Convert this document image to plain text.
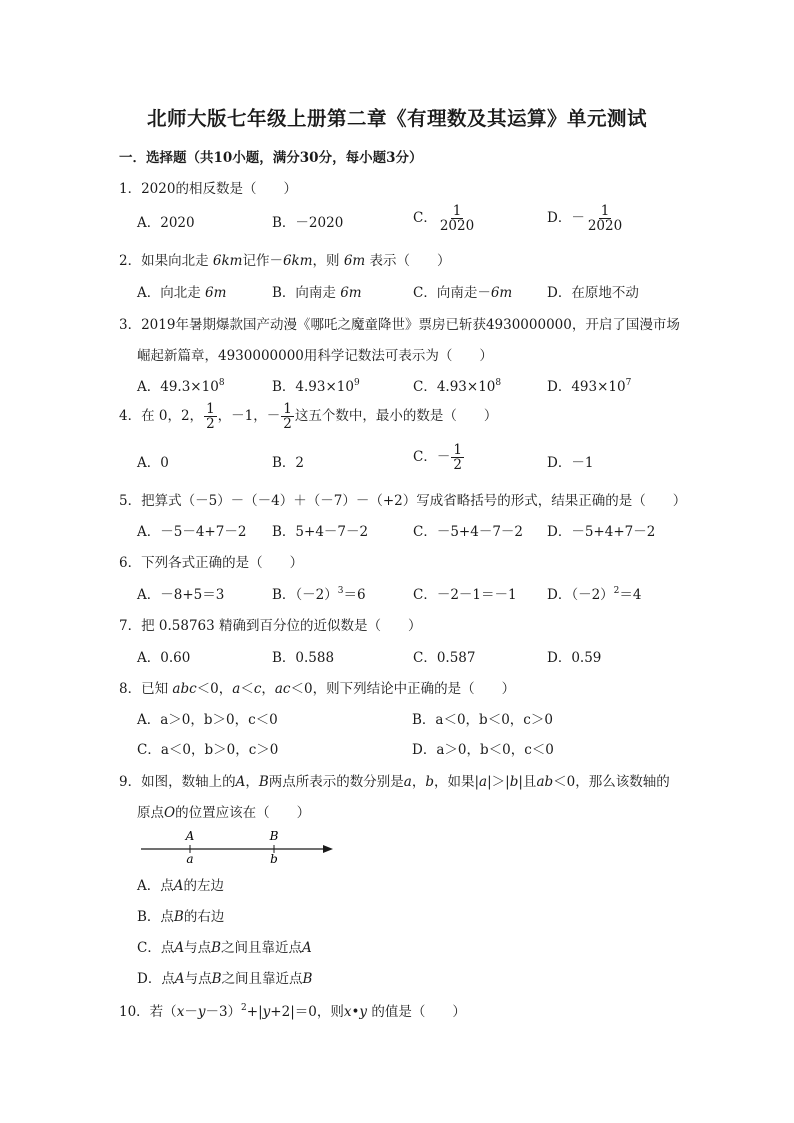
北师大版七年级上册第二章《有理数及其运算》单元测试
一．选择题（共10小题，满分30分，每小题3分）
1．2020的相反数是（　　）
A．2020	B．－2020	C． $\frac{1}{2020}$	D．－ $\frac{1}{2020}$
2．如果向北走 6km记作－6km，则 6m 表示（　　）
A．向北走 6m	B．向南走 6m	C．向南走－6m	D．在原地不动
3．2019年暑期爆款国产动漫《哪吒之魔童降世》票房已斩获4930000000，开启了国漫市场
崛起新篇章，4930000000用科学记数法可表示为（　　）
A．$49.3\times 10^8$	B．$4.93\times 10^9$	C．$4.93\times 10^8$	D．$493\times 10^7$
4．在 0，2， $\frac{1}{2}$ ，－1，－ $\frac{1}{2}$ 这五个数中，最小的数是（　　）
A．0	B．2	C．－ $\frac{1}{2}$	D．－1
5．把算式（－5）－（－4）＋（－7）－（+2）写成省略括号的形式，结果正确的是（　　）
A．－5－4+7－2 B．5+4－7－2	C．－5+4－7－2 D．－5+4+7－2
6．下列各式正确的是（　　）
A．－8+5＝3	B．$(-2)^3=6$	C．－2－1＝－1 D．$(-2)^2=4$
7．把 0.58763 精确到百分位的近似数是（　　）
A．0.60	B．0.588	C．0.587	D．0.59
8．已知 abc＜0，a＜c，ac＜0，则下列结论中正确的是（　　）
A．a＞0，b＞0，c＜0	B．a＜0，b＜0，c＞0
C．a＜0，b＞0，c＞0	D．a＞0，b＜0，c＜0
9．如图，数轴上的A，B两点所表示的数分别是a，b，如果|a|＞|b|且ab＜0，那么该数轴的
原点O的位置应该在（　　）
A	B
a	b
A．点A的左边
B．点B的右边
C．点A与点B之间且靠近点A
D．点A与点B之间且靠近点B
10．若$(x-y-3)^2+|y+2|=0$，则x•y 的值是（　　）
